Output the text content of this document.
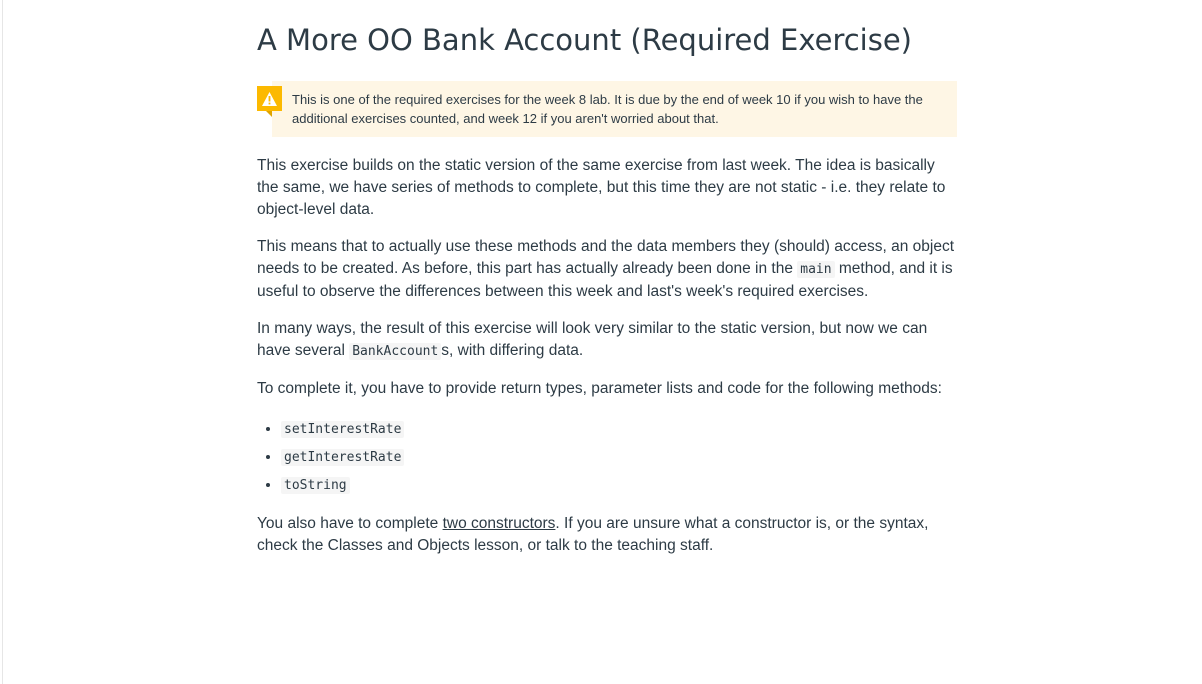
A More OO Bank Account (Required Exercise)
This is one of the required exercises for the week 8 lab. It is due by the end of week 10 if you wish to have the additional exercises counted, and week 12 if you aren't worried about that.

This exercise builds on the static version of the same exercise from last week. The idea is basically the same, we have series of methods to complete, but this time they are not static - i.e. they relate to object-level data.

This means that to actually use these methods and the data members they (should) access, an object needs to be created. As before, this part has actually already been done in the main method, and it is useful to observe the differences between this week and last's week's required exercises.

In many ways, the result of this exercise will look very similar to the static version, but now we can have several BankAccount s, with differing data.

To complete it, you have to provide return types, parameter lists and code for the following methods:

• setInterestRate
• getInterestRate
• toString

You also have to complete two constructors. If you are unsure what a constructor is, or the syntax, check the Classes and Objects lesson, or talk to the teaching staff.
